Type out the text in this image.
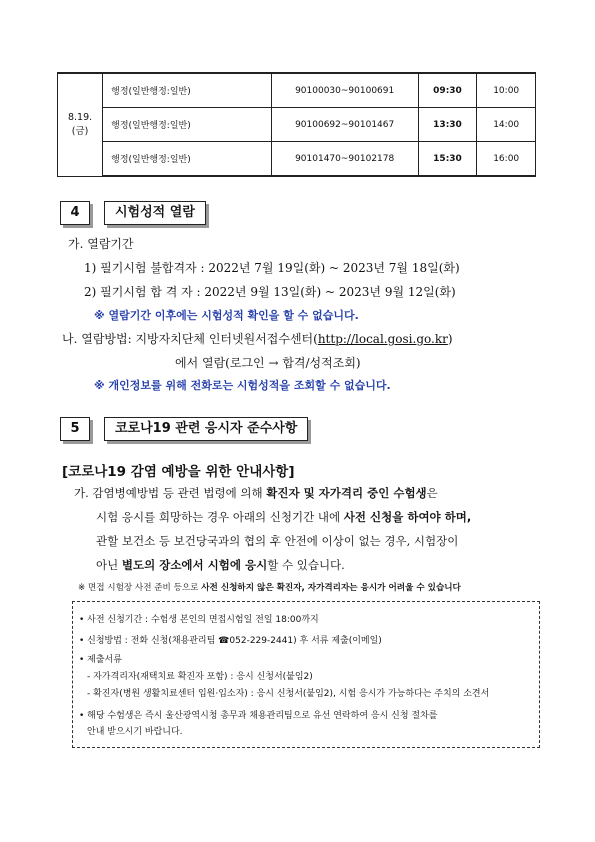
8.19.
(금)	행정(일반행정:일반)	90100030~90100691	09:30	10:00
	행정(일반행정:일반)	90100692~90101467	13:30	14:00
	행정(일반행정:일반)	90101470~90102178	15:30	16:00
4	시험성적 열람
가. 열람기간
1) 필기시험 불합격자 : 2022년 7월 19일(화) ~ 2023년 7월 18일(화)
2) 필기시험 합 격 자 : 2022년 9월 13일(화) ~ 2023년 9월 12일(화)
※ 열람기간 이후에는 시험성적 확인을 할 수 없습니다.
나. 열람방법: 지방자치단체 인터넷원서접수센터(http://local.gosi.go.kr)
에서 열람(로그인 → 합격/성적조회)
※ 개인정보를 위해 전화로는 시험성적을 조회할 수 없습니다.
5	코로나19 관련 응시자 준수사항
[코로나19 감염 예방을 위한 안내사항]
가. 감염병예방법 등 관련 법령에 의해 확진자 및 자가격리 중인 수험생은
시험 응시를 희망하는 경우 아래의 신청기간 내에 사전 신청을 하여야 하며,
관할 보건소 등 보건당국과의 협의 후 안전에 이상이 없는 경우, 시험장이
아닌 별도의 장소에서 시험에 응시할 수 있습니다.
※ 면접 시험장 사전 준비 등으로 사전 신청하지 않은 확진자, 자가격리자는 응시가 어려울 수 있습니다
• 사전 신청기간 : 수험생 본인의 면접시험일 전일 18:00까지
• 신청방법 : 전화 신청(채용관리팀 ☎052-229-2441) 후 서류 제출(이메일)
• 제출서류
- 자가격리자(재택치료 확진자 포함) : 응시 신청서(붙임2)
- 확진자(병원 생활치료센터 입원·입소자) : 응시 신청서(붙임2), 시험 응시가 가능하다는 주치의 소견서
• 해당 수험생은 즉시 울산광역시청 총무과 채용관리팀으로 유선 연락하여 응시 신청 절차를
안내 받으시기 바랍니다.
